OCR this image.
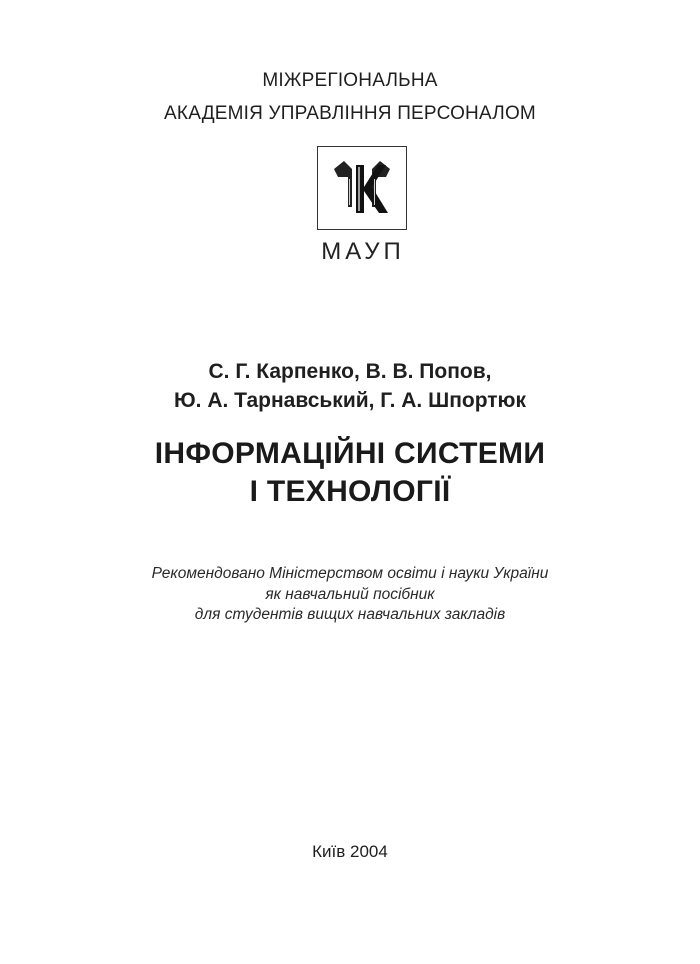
МІЖРЕГІОНАЛЬНА
АКАДЕМІЯ УПРАВЛІННЯ ПЕРСОНАЛОМ
МАУП
С. Г. Карпенко, В. В. Попов,
Ю. А. Тарнавський, Г. А. Шпортюк
ІНФОРМАЦІЙНІ СИСТЕМИ
І ТЕХНОЛОГІЇ
Рекомендовано Міністерством освіти і науки України
як навчальний посібник
для студентів вищих навчальних закладів
Київ 2004
